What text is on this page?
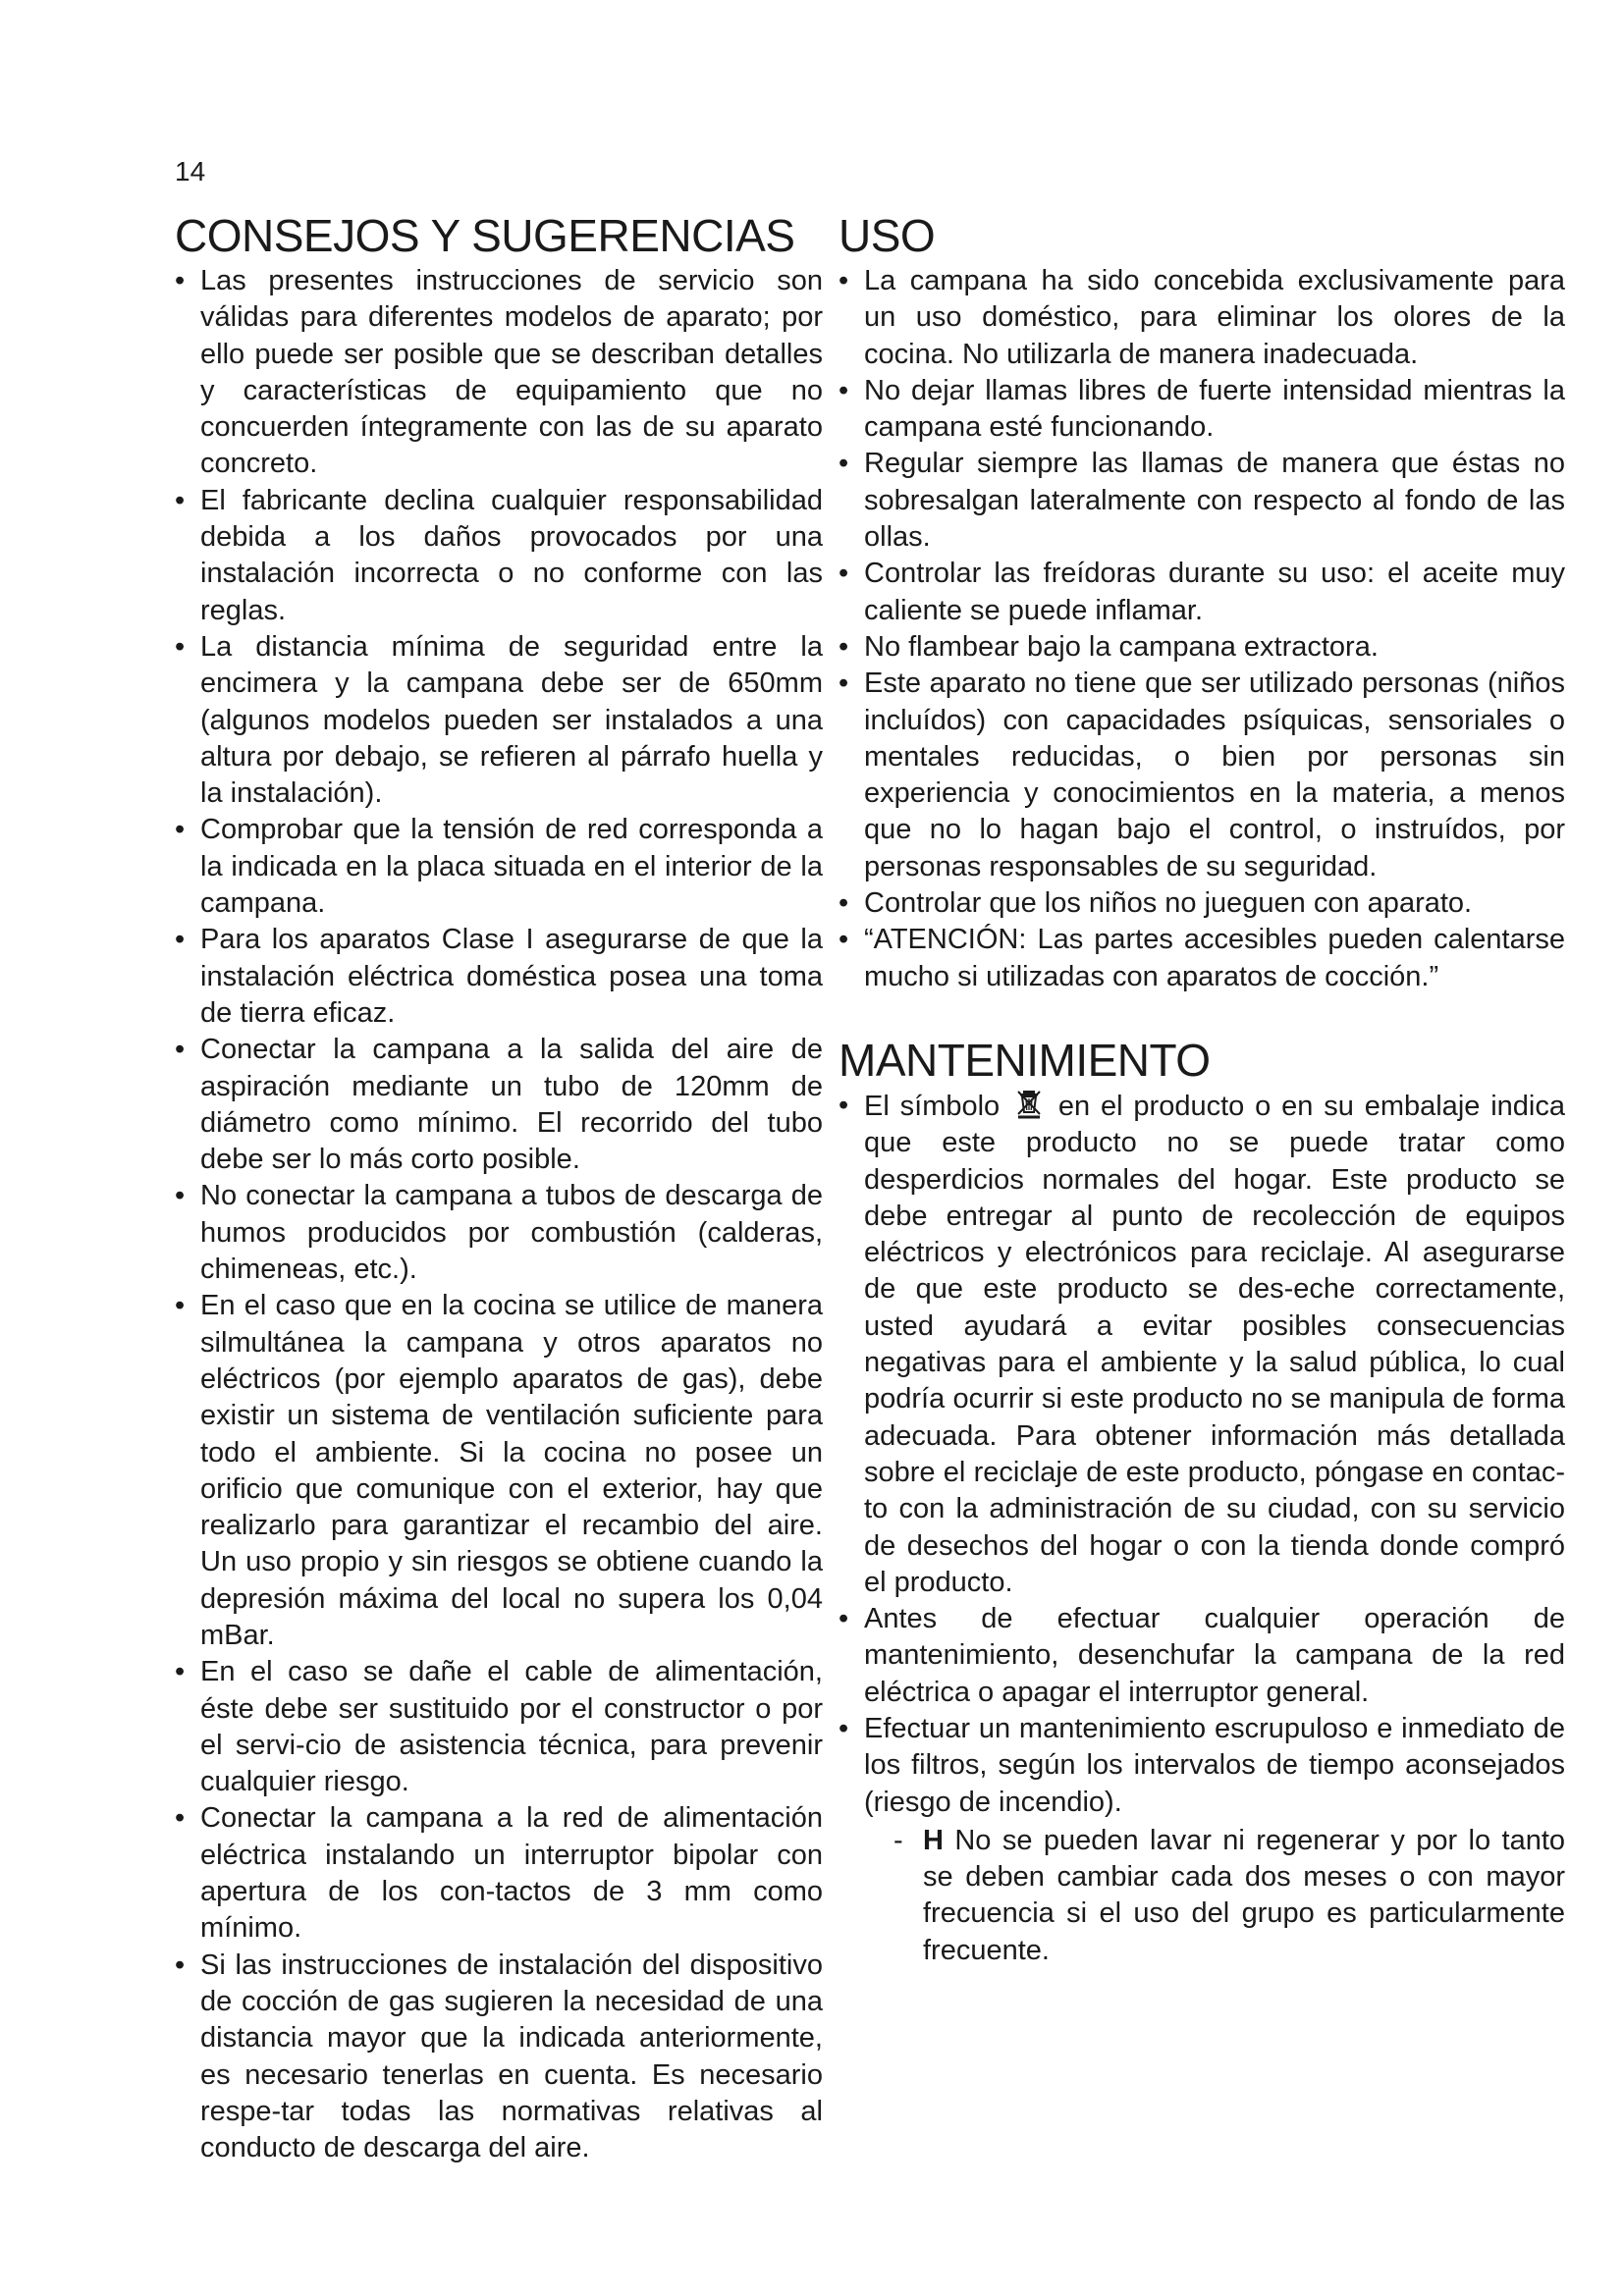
14
CONSEJOS Y SUGERENCIAS
• Las presentes instrucciones de servicio son válidas para diferentes modelos de aparato; por ello puede ser posible que se describan detalles y características de equipamiento que no concuerden íntegramente con las de su aparato concreto.
• El fabricante declina cualquier responsabilidad debida a los daños provocados por una instalación incorrecta o no conforme con las reglas.
• La distancia mínima de seguridad entre la encimera y la campana debe ser de 650mm (algunos modelos pueden ser instalados a una altura por debajo, se refieren al párrafo huella y la instalación).
• Comprobar que la tensión de red corresponda a la indicada en la placa situada en el interior de la campana.
• Para los aparatos Clase I asegurarse de que la instalación eléctrica doméstica posea una toma de tierra eficaz.
• Conectar la campana a la salida del aire de aspiración mediante un tubo de 120mm de diámetro como mínimo. El recorrido del tubo debe ser lo más corto posible.
• No conectar la campana a tubos de descarga de humos producidos por combustión (calderas, chimeneas, etc.).
• En el caso que en la cocina se utilice de manera silmultánea la campana y otros aparatos no eléctricos (por ejemplo aparatos de gas), debe existir un sistema de ventilación suficiente para todo el ambiente. Si la cocina no posee un orificio que comunique con el exterior, hay que realizarlo para garantizar el recambio del aire. Un uso propio y sin riesgos se obtiene cuando la depresión máxima del local no supera los 0,04 mBar.
• En el caso se dañe el cable de alimentación, éste debe ser sustituido por el constructor o por el servi-cio de asistencia técnica, para prevenir cualquier riesgo.
• Conectar la campana a la red de alimentación eléctrica instalando un interruptor bipolar con apertura de los con-tactos de 3 mm como mínimo.
• Si las instrucciones de instalación del dispositivo de cocción de gas sugieren la necesidad de una distancia mayor que la indicada anteriormente, es necesario tenerlas en cuenta. Es necesario respe-tar todas las normativas relativas al conducto de descarga del aire.
USO
• La campana ha sido concebida exclusivamente para un uso doméstico, para eliminar los olores de la cocina. No utilizarla de manera inadecuada.
• No dejar llamas libres de fuerte intensidad mientras la campana esté funcionando.
• Regular siempre las llamas de manera que éstas no sobresalgan lateralmente con respecto al fondo de las ollas.
• Controlar las freídoras durante su uso: el aceite muy caliente se puede inflamar.
• No flambear bajo la campana extractora.
• Este aparato no tiene que ser utilizado personas (niños incluídos) con capacidades psíquicas, sensoriales o mentales reducidas, o bien por personas sin experiencia y conocimientos en la materia, a menos que no lo hagan bajo el control, o instruídos, por personas responsables de su seguridad.
• Controlar que los niños no jueguen con aparato.
• “ATENCIÓN: Las partes accesibles pueden calentarse mucho si utilizadas con aparatos de cocción.”
MANTENIMIENTO
• El símbolo en el producto o en su embalaje indica que este producto no se puede tratar como desperdicios normales del hogar. Este producto se debe entregar al punto de recolección de equipos eléctricos y electrónicos para reciclaje. Al asegurarse de que este producto se des-eche correctamente, usted ayudará a evitar posibles consecuencias negativas para el ambiente y la salud pública, lo cual podría ocurrir si este producto no se manipula de forma adecuada. Para obtener información más detallada sobre el reciclaje de este producto, póngase en contac-to con la administración de su ciudad, con su servicio de desechos del hogar o con la tienda donde compró el producto.
• Antes de efectuar cualquier operación de mantenimiento, desenchufar la campana de la red eléctrica o apagar el interruptor general.
• Efectuar un mantenimiento escrupuloso e inmediato de los filtros, según los intervalos de tiempo aconsejados (riesgo de incendio).
- H No se pueden lavar ni regenerar y por lo tanto se deben cambiar cada dos meses o con mayor frecuencia si el uso del grupo es particularmente frecuente.
